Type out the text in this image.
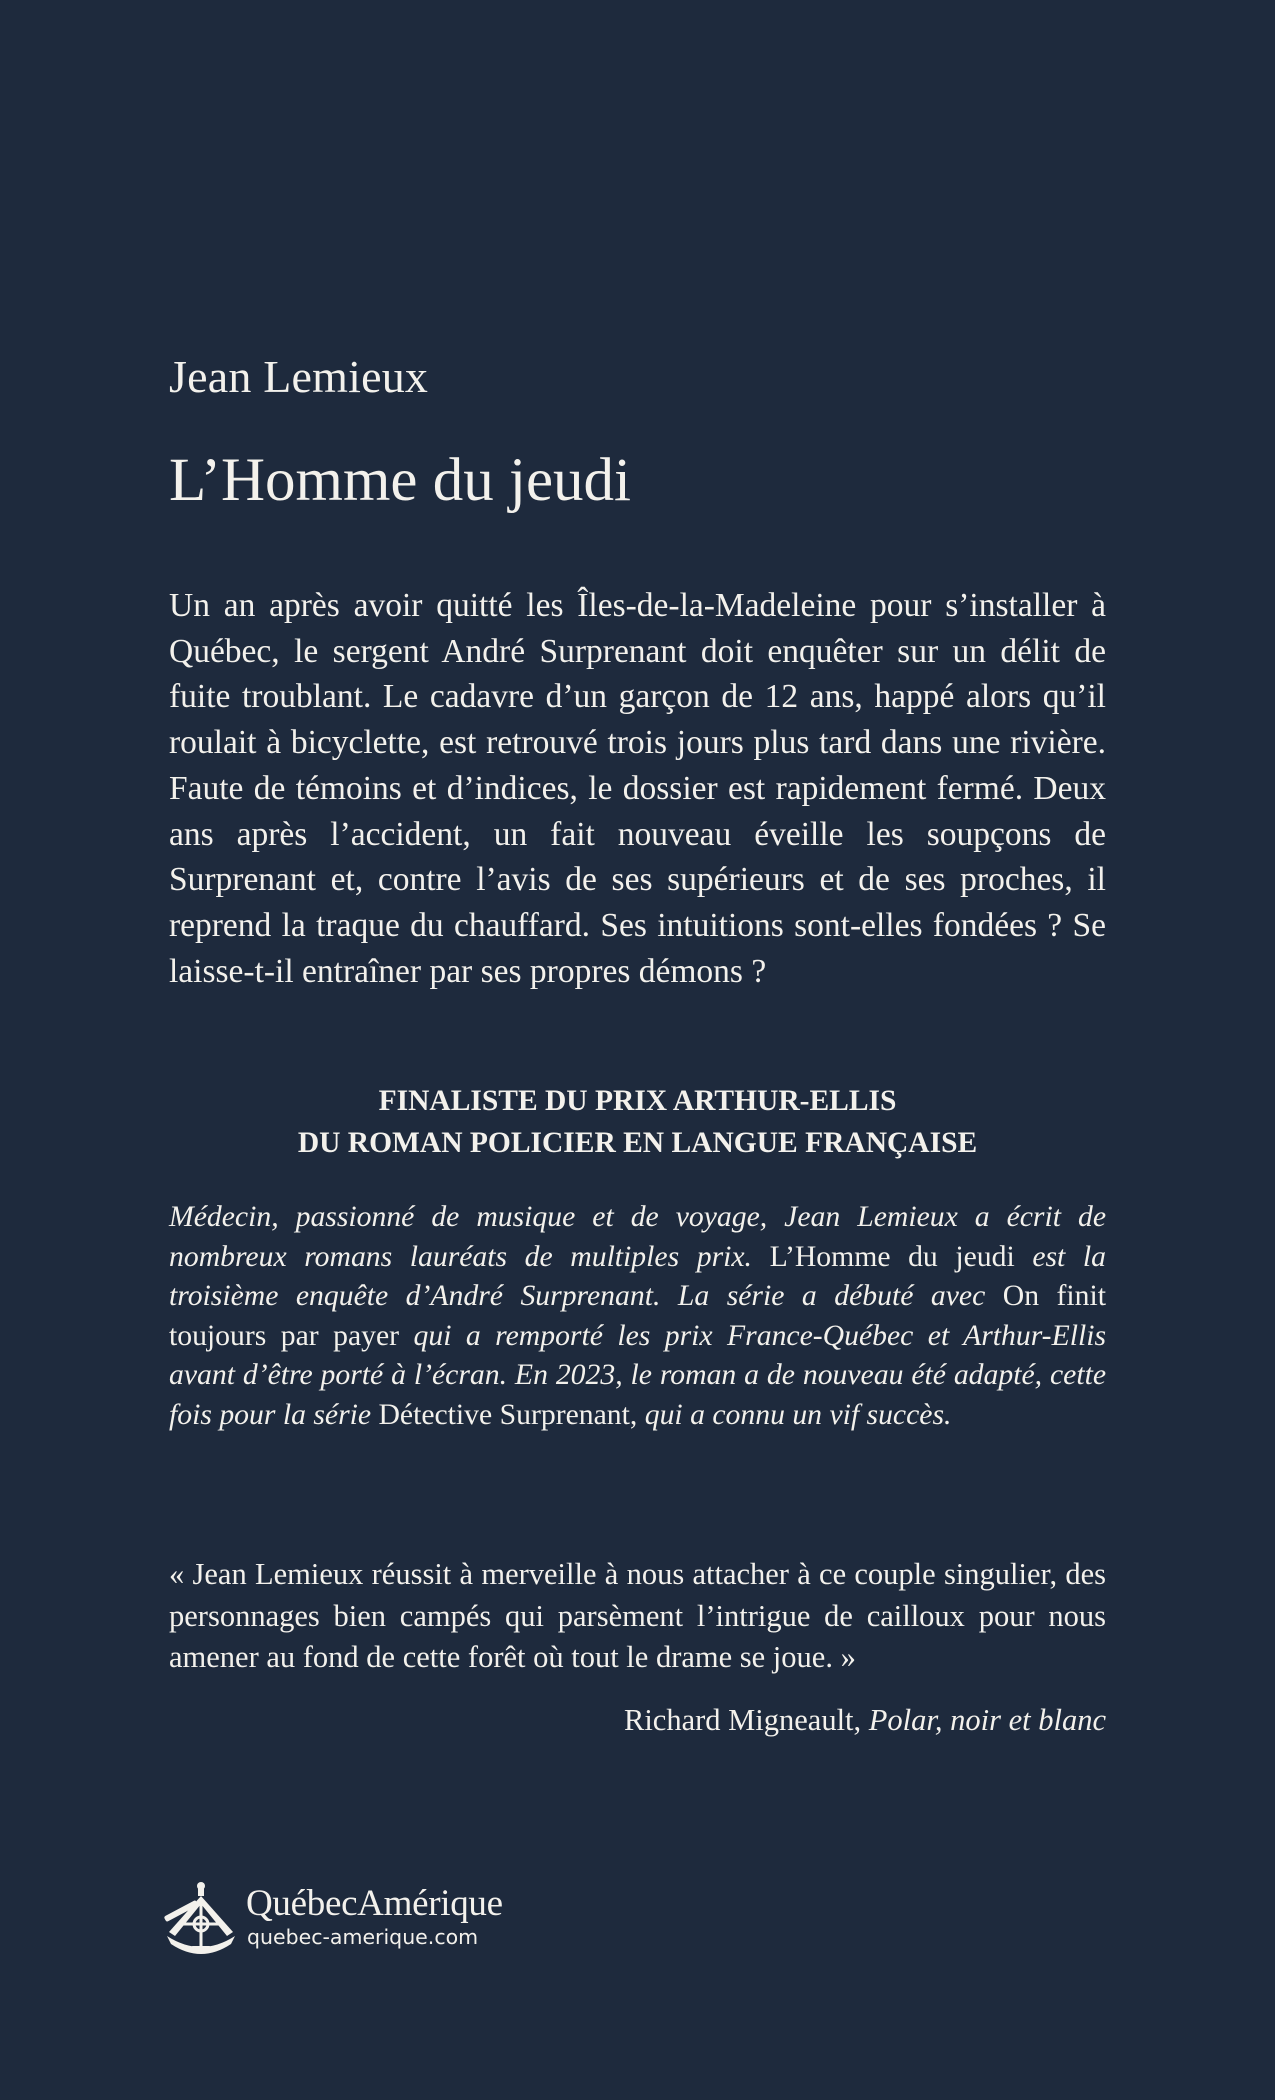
Jean Lemieux
L’Homme du jeudi

Un an après avoir quitté les Îles-de-la-Madeleine pour s’installer à Québec, le sergent André Surprenant doit enquêter sur un délit de fuite troublant. Le cadavre d’un garçon de 12 ans, happé alors qu’il roulait à bicyclette, est retrouvé trois jours plus tard dans une rivière. Faute de témoins et d’indices, le dossier est rapidement fermé. Deux ans après l’accident, un fait nouveau éveille les soupçons de Surprenant et, contre l’avis de ses supérieurs et de ses proches, il reprend la traque du chauffard. Ses intuitions sont-elles fondées ? Se laisse-t-il entraîner par ses propres démons ?

FINALISTE DU PRIX ARTHUR-ELLIS
DU ROMAN POLICIER EN LANGUE FRANÇAISE

Médecin, passionné de musique et de voyage, Jean Lemieux a écrit de nombreux romans lauréats de multiples prix. L’Homme du jeudi est la troisième enquête d’André Surprenant. La série a débuté avec On finit toujours par payer qui a remporté les prix France-Québec et Arthur-Ellis avant d’être porté à l’écran. En 2023, le roman a de nouveau été adapté, cette fois pour la série Détective Surprenant, qui a connu un vif succès.

« Jean Lemieux réussit à merveille à nous attacher à ce couple singulier, des personnages bien campés qui parsèment l’intrigue de cailloux pour nous amener au fond de cette forêt où tout le drame se joue. »

Richard Migneault, Polar, noir et blanc
QuébecAmérique
quebec-amerique.com
